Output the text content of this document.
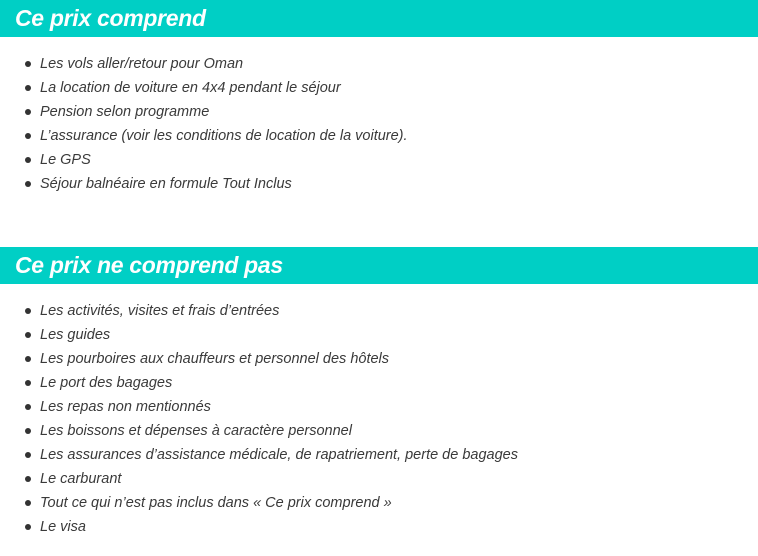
Ce prix comprend
Les vols aller/retour pour Oman
La location de voiture en 4x4 pendant le séjour
Pension selon programme
L’assurance (voir les conditions de location de la voiture).
Le GPS
Séjour balnéaire en formule Tout Inclus
Ce prix ne comprend pas
Les activités, visites et frais d’entrées
Les guides
Les pourboires aux chauffeurs et personnel des hôtels
Le port des bagages
Les repas non mentionnés
Les boissons et dépenses à caractère personnel
Les assurances d’assistance médicale, de rapatriement, perte de bagages
Le carburant
Tout ce qui n’est pas inclus dans « Ce prix comprend »
Le visa
